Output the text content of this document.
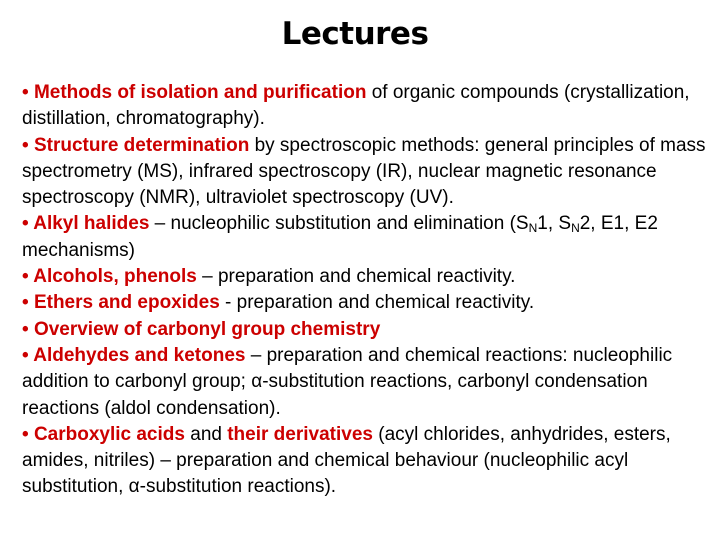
Lectures

• Methods of isolation and purification of organic compounds (crystallization, distillation, chromatography).

• Structure determination by spectroscopic methods: general principles of mass spectrometry (MS), infrared spectroscopy (IR), nuclear magnetic resonance spectroscopy (NMR), ultraviolet spectroscopy (UV).

• Alkyl halides – nucleophilic substitution and elimination ($S_N1$, $S_N2$, E1, E2 mechanisms)

• Alcohols, phenols – preparation and chemical reactivity.

• Ethers and epoxides - preparation and chemical reactivity.

• Overview of carbonyl group chemistry

• Aldehydes and ketones – preparation and chemical reactions: nucleophilic addition to carbonyl group; α-substitution reactions, carbonyl condensation reactions (aldol condensation).

• Carboxylic acids and their derivatives (acyl chlorides, anhydrides, esters, amides, nitriles) – preparation and chemical behaviour (nucleophilic acyl substitution, α-substitution reactions).
